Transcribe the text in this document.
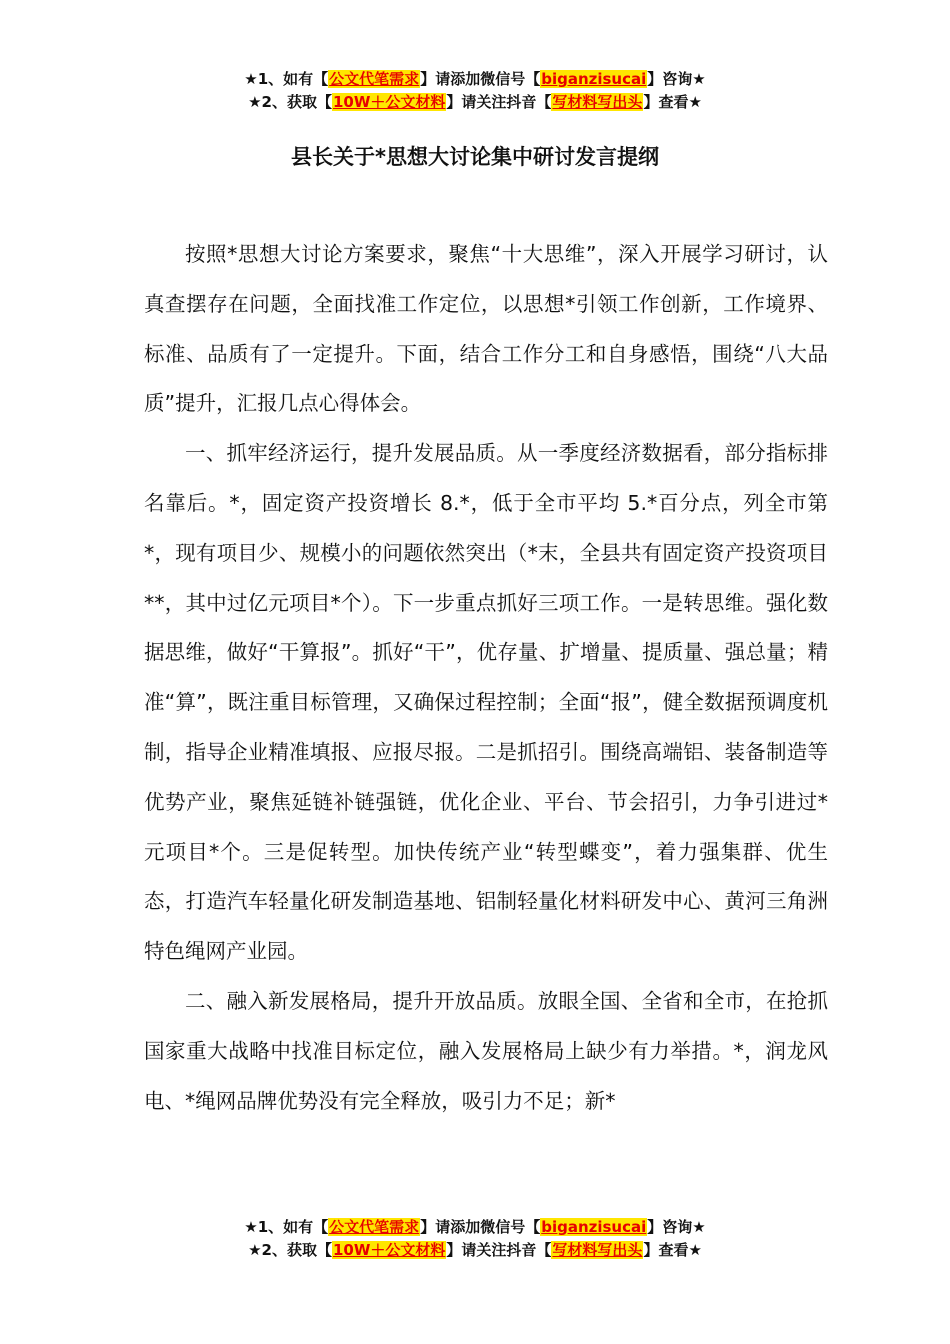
★1、如有【公文代笔需求】请添加微信号【biganzisucai】咨询★
★2、获取【10W＋公文材料】请关注抖音【写材料写出头】查看★
县长关于*思想大讨论集中研讨发言提纲

按照*思想大讨论方案要求，聚焦“十大思维”，深入开展学习研讨，认真查摆存在问题，全面找准工作定位，以思想*引领工作创新，工作境界、标准、品质有了一定提升。下面，结合工作分工和自身感悟，围绕“八大品质”提升，汇报几点心得体会。

一、抓牢经济运行，提升发展品质。从一季度经济数据看，部分指标排名靠后。*，固定资产投资增长 8.*，低于全市平均 5.*百分点，列全市第*，现有项目少、规模小的问题依然突出（*末，全县共有固定资产投资项目**，其中过亿元项目*个）。下一步重点抓好三项工作。一是转思维。强化数据思维，做好“干算报”。抓好“干”，优存量、扩增量、提质量、强总量；精准“算”，既注重目标管理，又确保过程控制；全面“报”，健全数据预调度机制，指导企业精准填报、应报尽报。二是抓招引。围绕高端铝、装备制造等优势产业，聚焦延链补链强链，优化企业、平台、节会招引，力争引进过*元项目*个。三是促转型。加快传统产业“转型蝶变”，着力强集群、优生态，打造汽车轻量化研发制造基地、铝制轻量化材料研发中心、黄河三角洲特色绳网产业园。

二、融入新发展格局，提升开放品质。放眼全国、全省和全市，在抢抓国家重大战略中找准目标定位，融入发展格局上缺少有力举措。*，润龙风电、*绳网品牌优势没有完全释放，吸引力不足；新*

★1、如有【公文代笔需求】请添加微信号【biganzisucai】咨询★
★2、获取【10W＋公文材料】请关注抖音【写材料写出头】查看★
